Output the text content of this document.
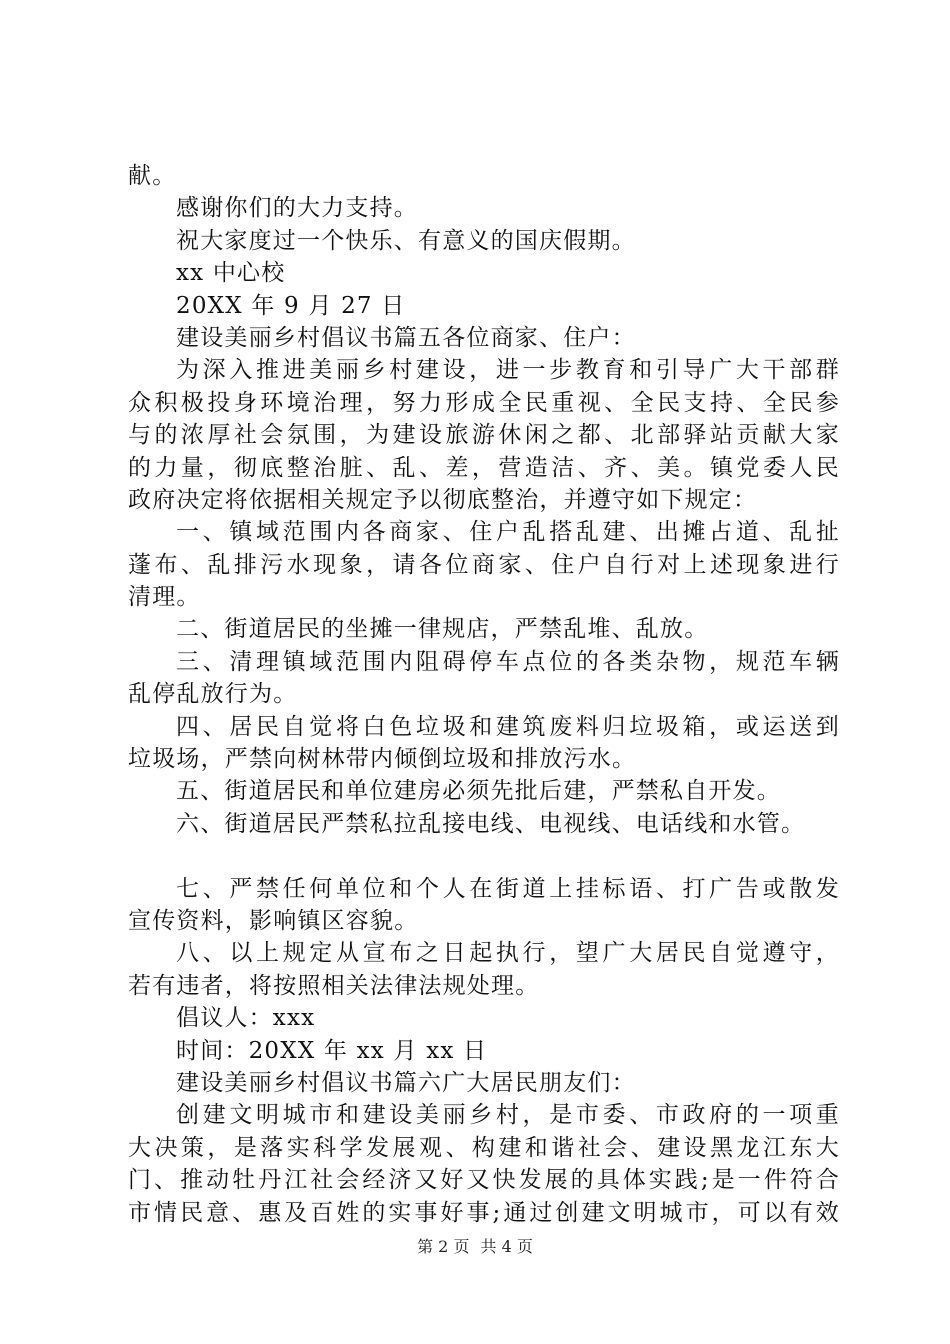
献。
感谢你们的大力支持。
祝大家度过一个快乐、有意义的国庆假期。
xx 中心校
20XX 年 9 月 27 日
建设美丽乡村倡议书篇五各位商家、住户：
为深入推进美丽乡村建设，进一步教育和引导广大干部群
众积极投身环境治理，努力形成全民重视、全民支持、全民参
与的浓厚社会氛围，为建设旅游休闲之都、北部驿站贡献大家
的力量，彻底整治脏、乱、差，营造洁、齐、美。镇党委人民
政府决定将依据相关规定予以彻底整治，并遵守如下规定：
一、镇域范围内各商家、住户乱搭乱建、出摊占道、乱扯
蓬布、乱排污水现象，请各位商家、住户自行对上述现象进行
清理。
二、街道居民的坐摊一律规店，严禁乱堆、乱放。
三、清理镇域范围内阻碍停车点位的各类杂物，规范车辆
乱停乱放行为。
四、居民自觉将白色垃圾和建筑废料归垃圾箱，或运送到
垃圾场，严禁向树林带内倾倒垃圾和排放污水。
五、街道居民和单位建房必须先批后建，严禁私自开发。
六、街道居民严禁私拉乱接电线、电视线、电话线和水管。
七、严禁任何单位和个人在街道上挂标语、打广告或散发
宣传资料，影响镇区容貌。
八、以上规定从宣布之日起执行，望广大居民自觉遵守，
若有违者，将按照相关法律法规处理。
倡议人：xxx
时间：20XX 年 xx 月 xx 日
建设美丽乡村倡议书篇六广大居民朋友们：
创建文明城市和建设美丽乡村，是市委、市政府的一项重
大决策，是落实科学发展观、构建和谐社会、建设黑龙江东大
门、推动牡丹江社会经济又好又快发展的具体实践;是一件符合
市情民意、惠及百姓的实事好事;通过创建文明城市，可以有效
第 2 页 共 4 页
